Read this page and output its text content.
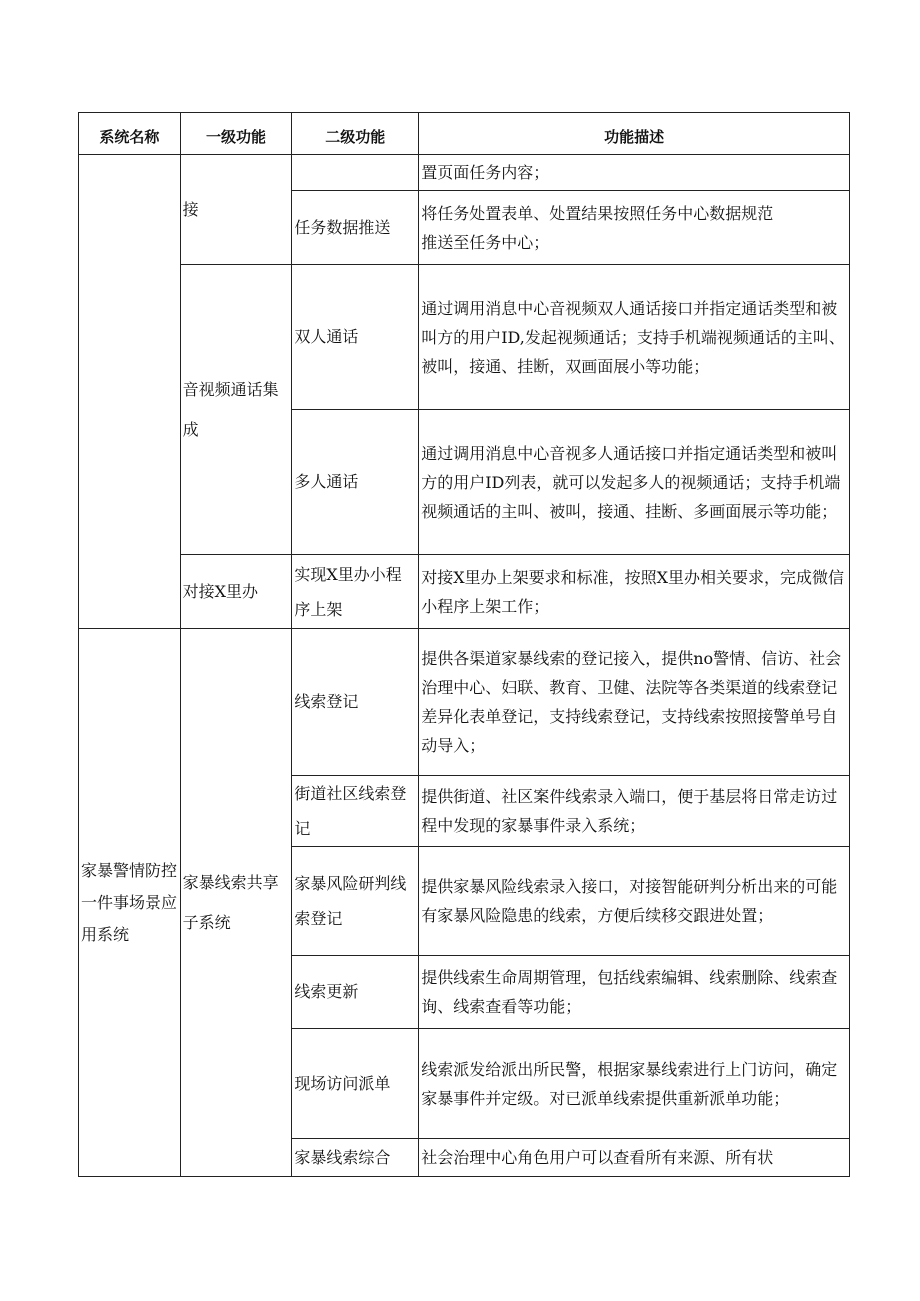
系统名称	一级功能	二级功能	功能描述
	接		置页面任务内容；
		任务数据推送	将任务处置表单、处置结果按照任务中心数据规范
推送至任务中心；

	音视频通话集成	双人通话	通过调用消息中心音视频双人通话接口并指定通话类型和被叫方的用户ID,发起视频通话；支持手机端视频通话的主叫、被叫，接通、挂断，双画面展小等功能；
		多人通话	通过调用消息中心音视多人通话接口并指定通话类型和被叫方的用户ID列表，就可以发起多人的视频通话；支持手机端视频通话的主叫、被叫，接通、挂断、多画面展示等功能；
	对接X里办	实现X里办小程序上架	对接X里办上架要求和标准，按照X里办相关要求，完成微信小程序上架工作；
家暴警情防控一件事场景应用系统	家暴线索共享子系统	线索登记	提供各渠道家暴线索的登记接入，提供no警情、信访、社会治理中心、妇联、教育、卫健、法院等各类渠道的线索登记差异化表单登记，支持线索登记，支持线索按照接警单号自动导入；
		街道社区线索登记	提供街道、社区案件线索录入端口，便于基层将日常走访过程中发现的家暴事件录入系统；
		家暴风险研判线索登记	提供家暴风险线索录入接口，对接智能研判分析出来的可能有家暴风险隐患的线索，方便后续移交跟进处置；
		线索更新	提供线索生命周期管理，包括线索编辑、线索删除、线索查询、线索查看等功能；
		现场访问派单	线索派发给派出所民警，根据家暴线索进行上门访问，确定家暴事件并定级。对已派单线索提供重新派单功能；
		家暴线索综合	社会治理中心角色用户可以查看所有来源、所有状
